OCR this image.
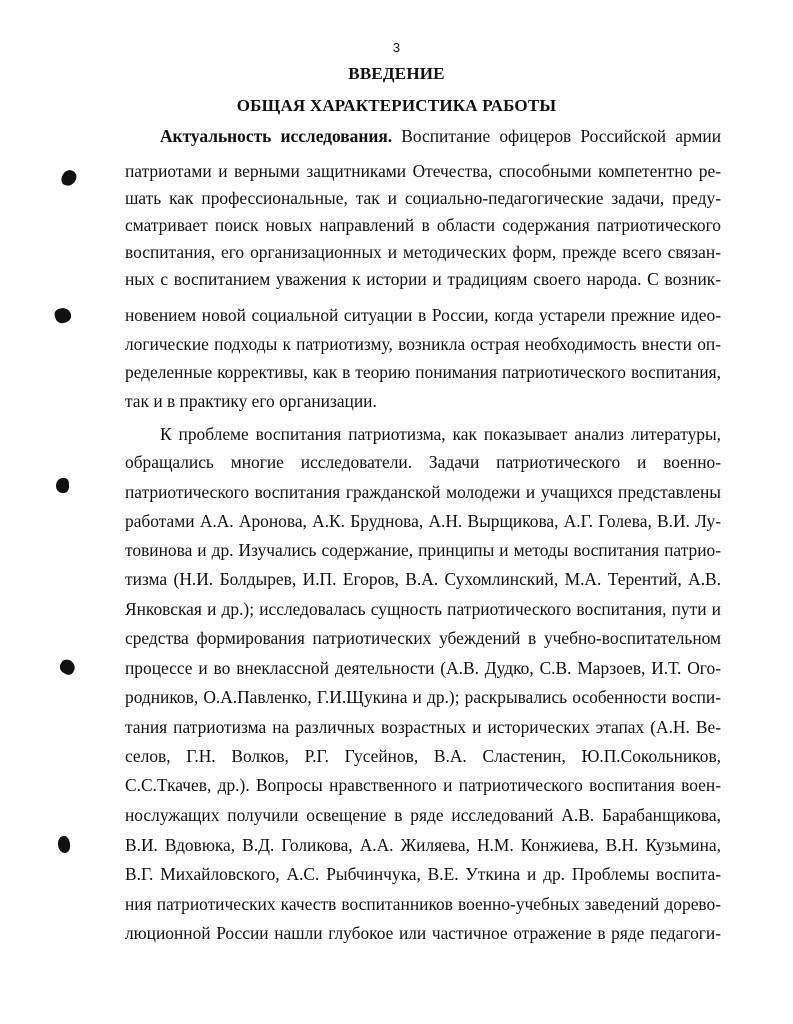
3
ВВЕДЕНИЕ
ОБЩАЯ ХАРАКТЕРИСТИКА РАБОТЫ
Актуальность исследования. Воспитание офицеров Российской армии
патриотами и верными защитниками Отечества, способными компетентно ре-
шать как профессиональные, так и социально-педагогические задачи, преду-
сматривает поиск новых направлений в области содержания патриотического
воспитания, его организационных и методических форм, прежде всего связан-
ных с воспитанием уважения к истории и традициям своего народа. С возник-
новением новой социальной ситуации в России, когда устарели прежние идео-
логические подходы к патриотизму, возникла острая необходимость внести оп-
ределенные коррективы, как в теорию понимания патриотического воспитания,
так и в практику его организации.
К проблеме воспитания патриотизма, как показывает анализ литературы,
обращались многие исследователи. Задачи патриотического и военно-
патриотического воспитания гражданской молодежи и учащихся представлены
работами А.А. Аронова, А.К. Бруднова, А.Н. Вырщикова, А.Г. Голева, В.И. Лу-
товинова и др. Изучались содержание, принципы и методы воспитания патрио-
тизма (Н.И. Болдырев, И.П. Егоров, В.А. Сухомлинский, М.А. Терентий, А.В.
Янковская и др.); исследовалась сущность патриотического воспитания, пути и
средства формирования патриотических убеждений в учебно-воспитательном
процессе и во внеклассной деятельности (А.В. Дудко, С.В. Марзоев, И.Т. Ого-
родников, О.А.Павленко, Г.И.Щукина и др.); раскрывались особенности воспи-
тания патриотизма на различных возрастных и исторических этапах (А.Н. Ве-
селов, Г.Н. Волков, Р.Г. Гусейнов, В.А. Сластенин, Ю.П.Сокольников,
С.С.Ткачев, др.). Вопросы нравственного и патриотического воспитания воен-
нослужащих получили освещение в ряде исследований А.В. Барабанщикова,
В.И. Вдовюка, В.Д. Голикова, А.А. Жиляева, Н.М. Конжиева, В.Н. Кузьмина,
В.Г. Михайловского, А.С. Рыбчинчука, В.Е. Уткина и др. Проблемы воспита-
ния патриотических качеств воспитанников военно-учебных заведений дорево-
люционной России нашли глубокое или частичное отражение в ряде педагоги-
